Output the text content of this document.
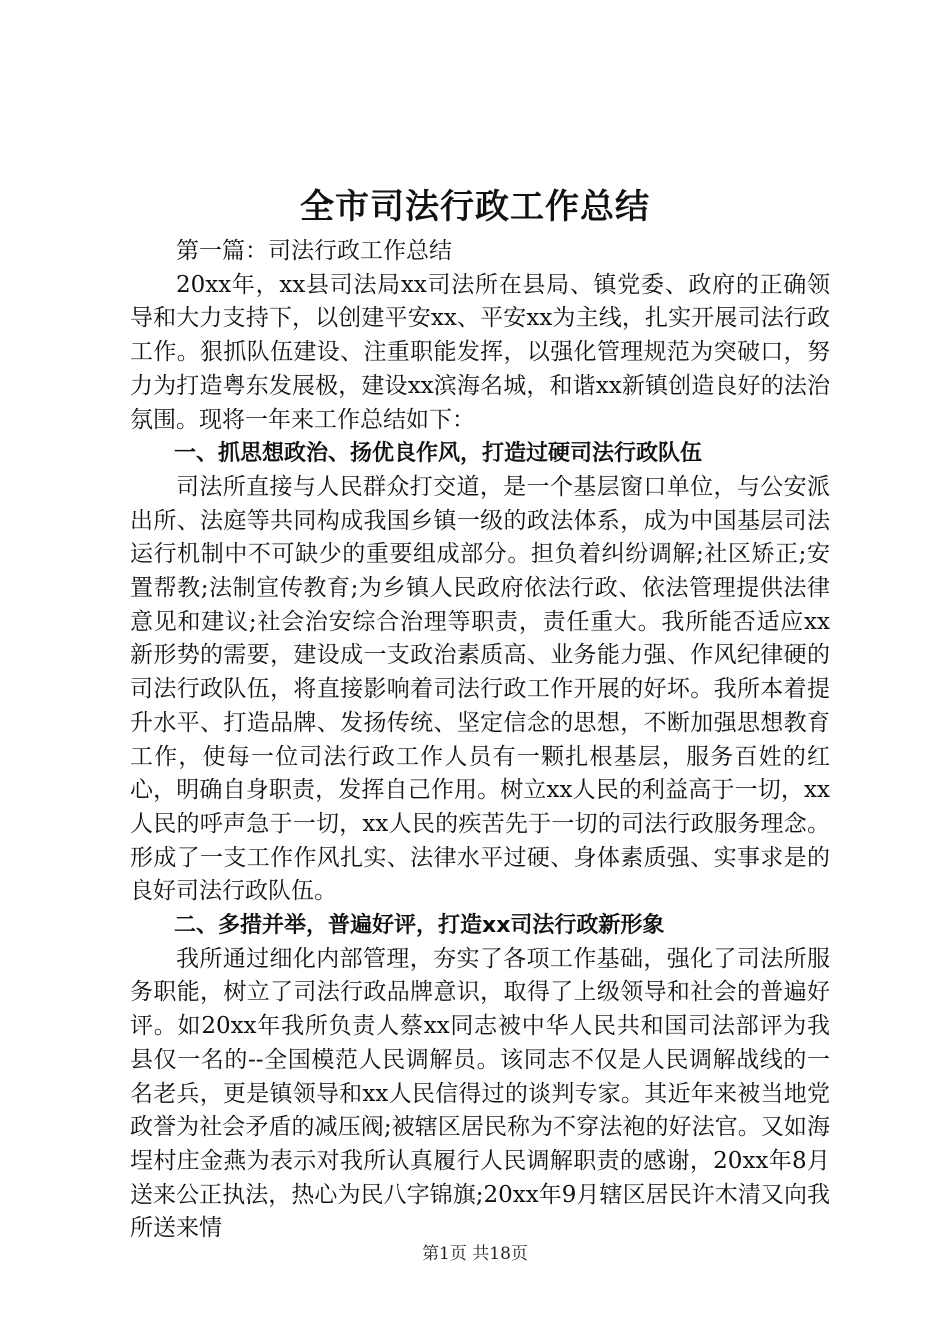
全市司法行政工作总结

第一篇：司法行政工作总结

20xx年，xx县司法局xx司法所在县局、镇党委、政府的正确领导和大力支持下，以创建平安xx、平安xx为主线，扎实开展司法行政工作。狠抓队伍建设、注重职能发挥，以强化管理规范为突破口，努力为打造粤东发展极，建设xx滨海名城，和谐xx新镇创造良好的法治氛围。现将一年来工作总结如下：

一、抓思想政治、扬优良作风，打造过硬司法行政队伍

司法所直接与人民群众打交道，是一个基层窗口单位，与公安派出所、法庭等共同构成我国乡镇一级的政法体系，成为中国基层司法运行机制中不可缺少的重要组成部分。担负着纠纷调解;社区矫正;安置帮教;法制宣传教育;为乡镇人民政府依法行政、依法管理提供法律意见和建议;社会治安综合治理等职责，责任重大。我所能否适应xx新形势的需要，建设成一支政治素质高、业务能力强、作风纪律硬的司法行政队伍，将直接影响着司法行政工作开展的好坏。我所本着提升水平、打造品牌、发扬传统、坚定信念的思想，不断加强思想教育工作，使每一位司法行政工作人员有一颗扎根基层，服务百姓的红心，明确自身职责，发挥自己作用。树立xx人民的利益高于一切，xx人民的呼声急于一切，xx人民的疾苦先于一切的司法行政服务理念。形成了一支工作作风扎实、法律水平过硬、身体素质强、实事求是的良好司法行政队伍。

二、多措并举，普遍好评，打造xx司法行政新形象

我所通过细化内部管理，夯实了各项工作基础，强化了司法所服务职能，树立了司法行政品牌意识，取得了上级领导和社会的普遍好评。如20xx年我所负责人蔡xx同志被中华人民共和国司法部评为我县仅一名的--全国模范人民调解员。该同志不仅是人民调解战线的一名老兵，更是镇领导和xx人民信得过的谈判专家。其近年来被当地党政誉为社会矛盾的减压阀;被辖区居民称为不穿法袍的好法官。又如海埕村庄金燕为表示对我所认真履行人民调解职责的感谢，20xx年8月送来公正执法，热心为民八字锦旗;20xx年9月辖区居民许木清又向我所送来情

第1页 共18页
